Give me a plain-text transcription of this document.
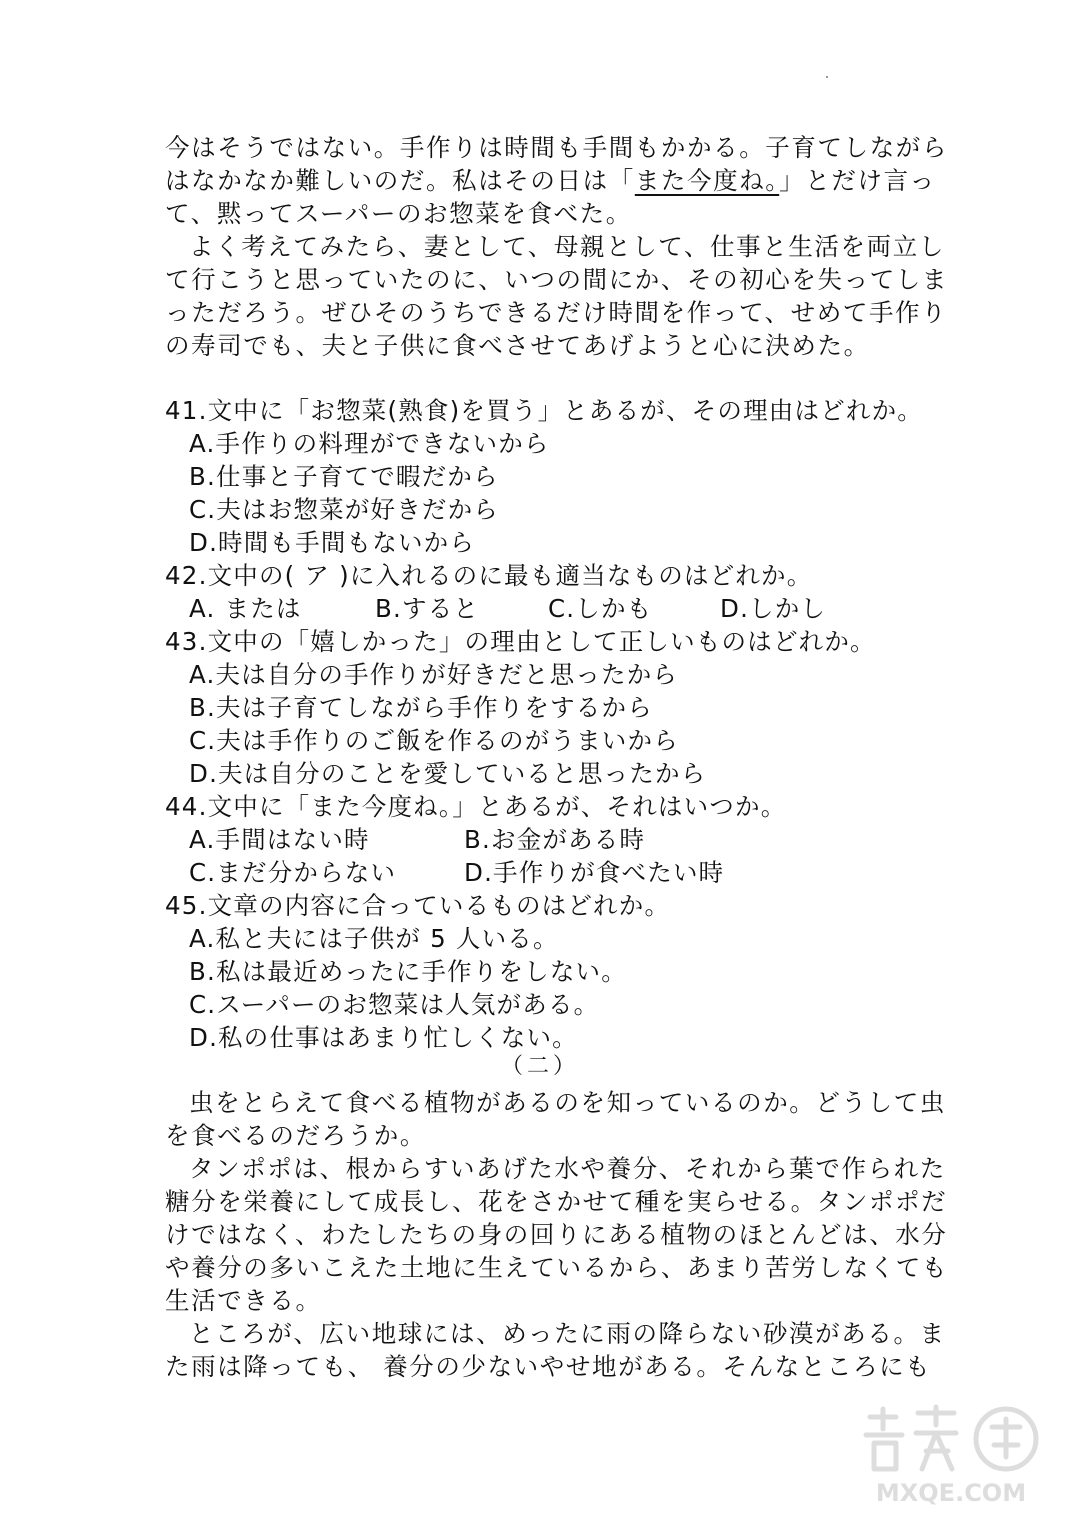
今はそうではない。手作りは時間も手間もかかる。子育てしながら
はなかなか難しいのだ。私はその日は「また今度ね。」とだけ言っ
て、黙ってスーパーのお惣菜を食べた。
よく考えてみたら、妻として、母親として、仕事と生活を両立し
て行こうと思っていたのに、いつの間にか、その初心を失ってしま
っただろう。ぜひそのうちできるだけ時間を作って、せめて手作り
の寿司でも、夫と子供に食べさせてあげようと心に決めた。
41.文中に「お惣菜(熟食)を買う」とあるが、その理由はどれか。
A.手作りの料理ができないから
B.仕事と子育てで暇だから
C.夫はお惣菜が好きだから
D.時間も手間もないから
42.文中の( ア )に入れるのに最も適当なものはどれか。
A. または	B.すると	C.しかも	D.しかし
43.文中の「嬉しかった」の理由として正しいものはどれか。
A.夫は自分の手作りが好きだと思ったから
B.夫は子育てしながら手作りをするから
C.夫は手作りのご飯を作るのがうまいから
D.夫は自分のことを愛していると思ったから
44.文中に「また今度ね。」とあるが、それはいつか。
A.手間はない時	B.お金がある時
C.まだ分からない	D.手作りが食べたい時
45.文章の内容に合っているものはどれか。
A.私と夫には子供が 5 人いる。
B.私は最近めったに手作りをしない。
C.スーパーのお惣菜は人気がある。
D.私の仕事はあまり忙しくない。
（二）
虫をとらえて食べる植物があるのを知っているのか。どうして虫
を食べるのだろうか。
タンポポは、根からすいあげた水や養分、それから葉で作られた
糖分を栄養にして成長し、花をさかせて種を実らせる。タンポポだ
けではなく、わたしたちの身の回りにある植物のほとんどは、水分
や養分の多いこえた土地に生えているから、あまり苦労しなくても
生活できる。
ところが、広い地球には、めったに雨の降らない砂漠がある。ま
た雨は降っても、 養分の少ないやせ地がある。そんなところにも
MXQE.COM
